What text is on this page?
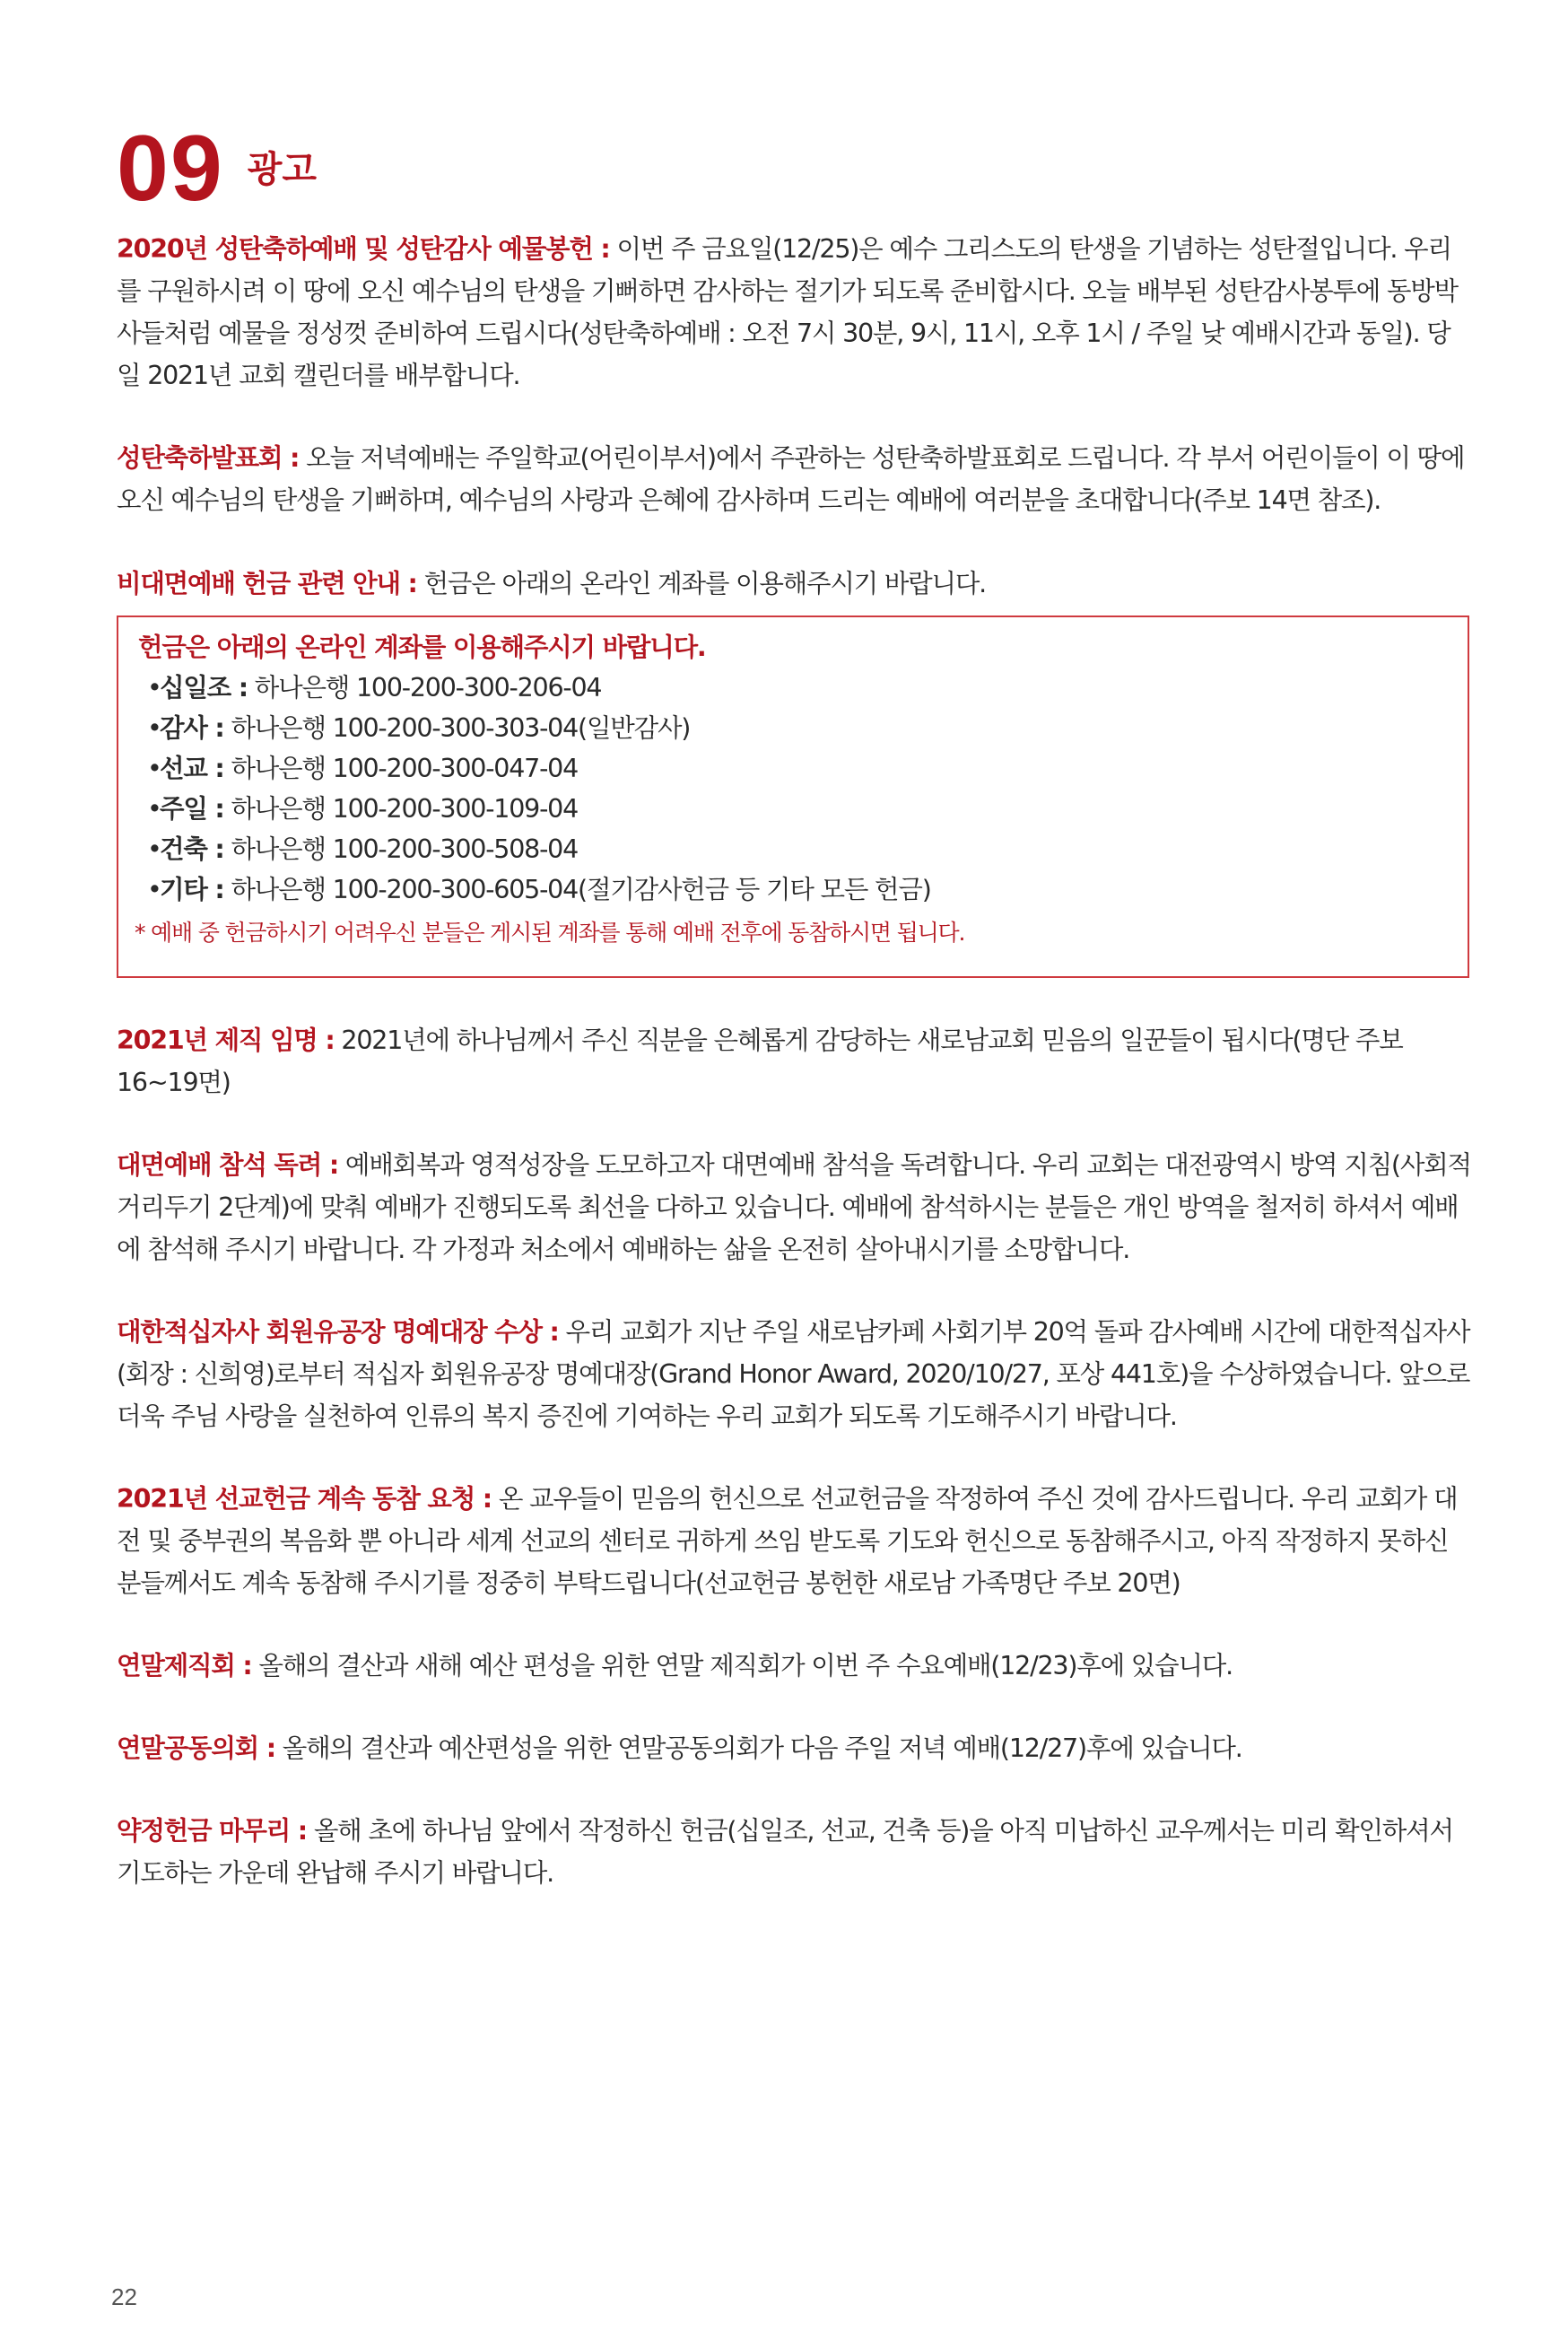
09 광고

2020년 성탄축하예배 및 성탄감사 예물봉헌 : 이번 주 금요일(12/25)은 예수 그리스도의 탄생을 기념하는 성탄절입니다. 우리를 구원하시려 이 땅에 오신 예수님의 탄생을 기뻐하면 감사하는 절기가 되도록 준비합시다. 오늘 배부된 성탄감사봉투에 동방박사들처럼 예물을 정성껏 준비하여 드립시다(성탄축하예배 : 오전 7시 30분, 9시, 11시, 오후 1시 / 주일 낮 예배시간과 동일). 당일 2021년 교회 캘린더를 배부합니다.

성탄축하발표회 : 오늘 저녁예배는 주일학교(어린이부서)에서 주관하는 성탄축하발표회로 드립니다. 각 부서 어린이들이 이 땅에 오신 예수님의 탄생을 기뻐하며, 예수님의 사랑과 은혜에 감사하며 드리는 예배에 여러분을 초대합니다(주보 14면 참조).

비대면예배 헌금 관련 안내 : 헌금은 아래의 온라인 계좌를 이용해주시기 바랍니다.

헌금은 아래의 온라인 계좌를 이용해주시기 바랍니다.
•십일조 : 하나은행 100-200-300-206-04
•감사 : 하나은행 100-200-300-303-04(일반감사)
•선교 : 하나은행 100-200-300-047-04
•주일 : 하나은행 100-200-300-109-04
•건축 : 하나은행 100-200-300-508-04
•기타 : 하나은행 100-200-300-605-04(절기감사헌금 등 기타 모든 헌금)
* 예배 중 헌금하시기 어려우신 분들은 게시된 계좌를 통해 예배 전후에 동참하시면 됩니다.

2021년 제직 임명 : 2021년에 하나님께서 주신 직분을 은혜롭게 감당하는 새로남교회 믿음의 일꾼들이 됩시다(명단 주보 16~19면)

대면예배 참석 독려 : 예배회복과 영적성장을 도모하고자 대면예배 참석을 독려합니다. 우리 교회는 대전광역시 방역 지침(사회적거리두기 2단계)에 맞춰 예배가 진행되도록 최선을 다하고 있습니다. 예배에 참석하시는 분들은 개인 방역을 철저히 하셔서 예배에 참석해 주시기 바랍니다. 각 가정과 처소에서 예배하는 삶을 온전히 살아내시기를 소망합니다.

대한적십자사 회원유공장 명예대장 수상 : 우리 교회가 지난 주일 새로남카페 사회기부 20억 돌파 감사예배 시간에 대한적십자사(회장 : 신희영)로부터 적십자 회원유공장 명예대장(Grand Honor Award, 2020/10/27, 포상 441호)을 수상하였습니다. 앞으로 더욱 주님 사랑을 실천하여 인류의 복지 증진에 기여하는 우리 교회가 되도록 기도해주시기 바랍니다.

2021년 선교헌금 계속 동참 요청 : 온 교우들이 믿음의 헌신으로 선교헌금을 작정하여 주신 것에 감사드립니다. 우리 교회가 대전 및 중부권의 복음화 뿐 아니라 세계 선교의 센터로 귀하게 쓰임 받도록 기도와 헌신으로 동참해주시고, 아직 작정하지 못하신 분들께서도 계속 동참해 주시기를 정중히 부탁드립니다(선교헌금 봉헌한 새로남 가족명단 주보 20면)

연말제직회 : 올해의 결산과 새해 예산 편성을 위한 연말 제직회가 이번 주 수요예배(12/23)후에 있습니다.

연말공동의회 : 올해의 결산과 예산편성을 위한 연말공동의회가 다음 주일 저녁 예배(12/27)후에 있습니다.

약정헌금 마무리 : 올해 초에 하나님 앞에서 작정하신 헌금(십일조, 선교, 건축 등)을 아직 미납하신 교우께서는 미리 확인하셔서 기도하는 가운데 완납해 주시기 바랍니다.

22
